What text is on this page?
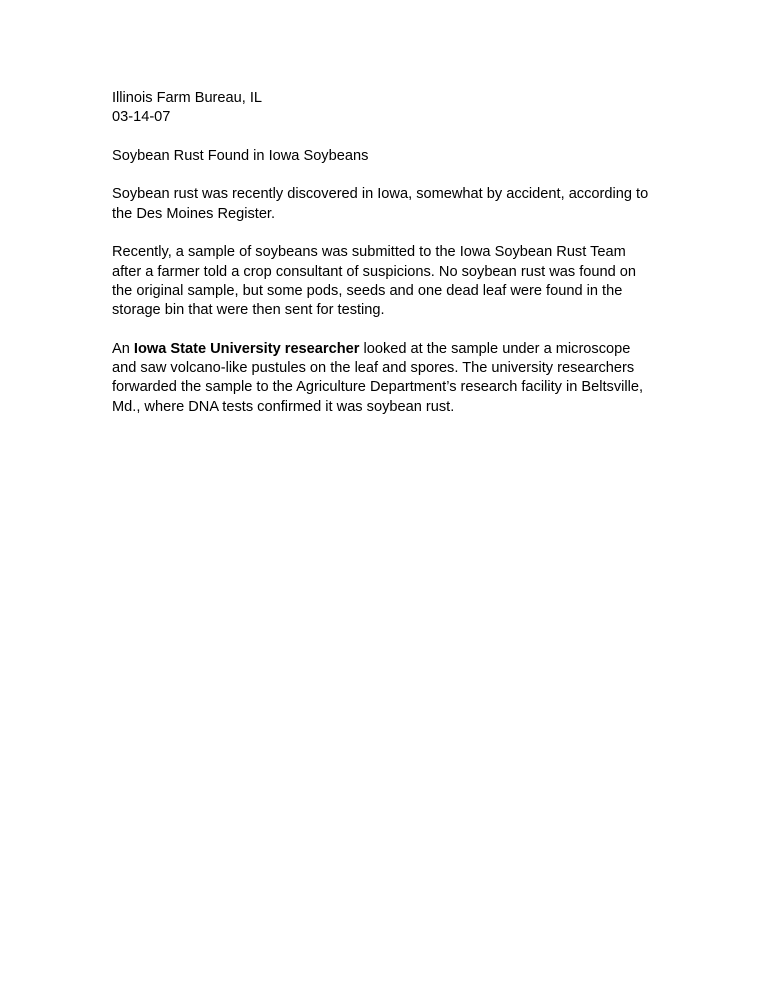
Illinois Farm Bureau, IL
03-14-07

Soybean Rust Found in Iowa Soybeans

Soybean rust was recently discovered in Iowa, somewhat by accident, according to the Des Moines Register.

Recently, a sample of soybeans was submitted to the Iowa Soybean Rust Team after a farmer told a crop consultant of suspicions. No soybean rust was found on the original sample, but some pods, seeds and one dead leaf were found in the storage bin that were then sent for testing.

An Iowa State University researcher looked at the sample under a microscope and saw volcano-like pustules on the leaf and spores. The university researchers forwarded the sample to the Agriculture Department’s research facility in Beltsville, Md., where DNA tests confirmed it was soybean rust.
